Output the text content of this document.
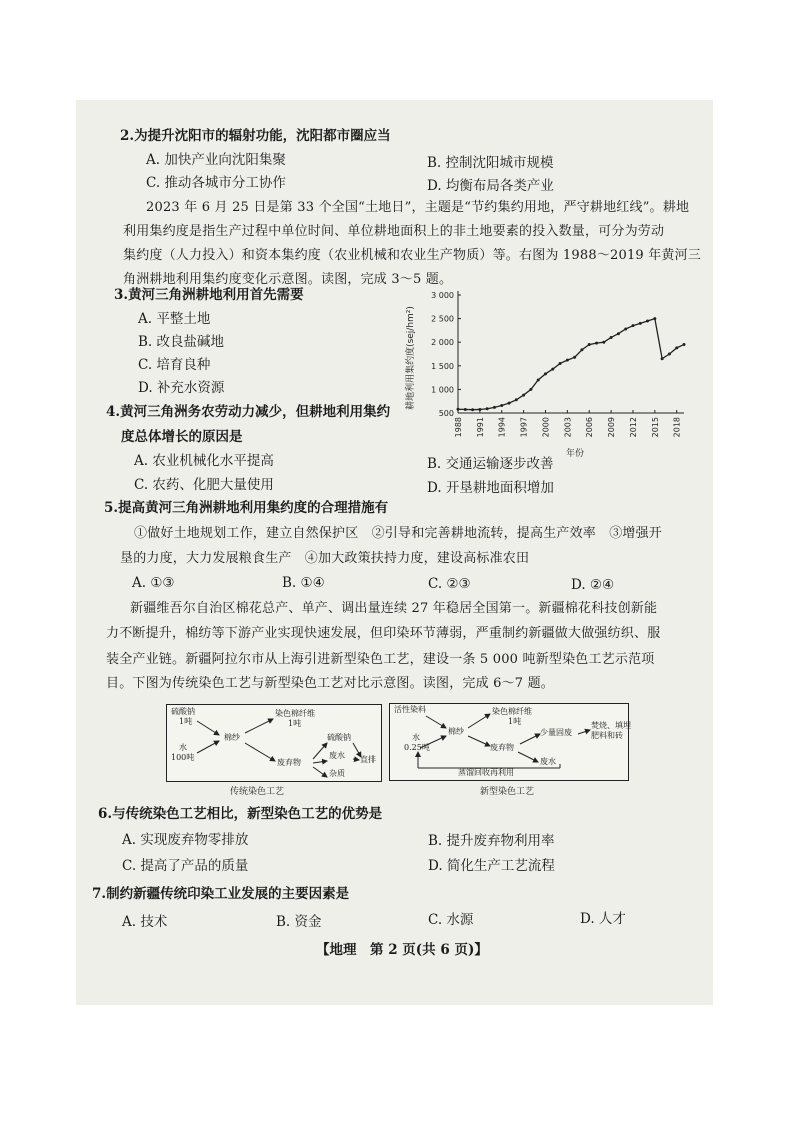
2.为提升沈阳市的辐射功能，沈阳都市圈应当
A. 加快产业向沈阳集聚	B. 控制沈阳城市规模
C. 推动各城市分工协作	D. 均衡布局各类产业
2023 年 6 月 25 日是第 33 个全国“土地日”，主题是“节约集约用地，严守耕地红线”。耕地
利用集约度是指生产过程中单位时间、单位耕地面积上的非土地要素的投入数量，可分为劳动
集约度（人力投入）和资本集约度（农业机械和农业生产物质）等。右图为 1988～2019 年黄河三
角洲耕地利用集约度变化示意图。读图，完成 3～5 题。
3.黄河三角洲耕地利用首先需要
A. 平整土地
B. 改良盐碱地
C. 培育良种
D. 补充水资源
4.黄河三角洲务农劳动力减少，但耕地利用集约
度总体增长的原因是
A. 农业机械化水平提高	B. 交通运输逐步改善
C. 农药、化肥大量使用	D. 开垦耕地面积增加
3 000
2 500
2 000
1 500
1 000
500
1988 1991 1994 1997 2000 2003 2006 2009 2012 2015 2018
耕地利用集约度(sej/hm²)
年份
5.提高黄河三角洲耕地利用集约度的合理措施有
①做好土地规划工作，建立自然保护区　②引导和完善耕地流转，提高生产效率　③增强开
垦的力度，大力发展粮食生产　④加大政策扶持力度，建设高标准农田
A. ①③	B. ①④	C. ②③	D. ②④
新疆维吾尔自治区棉花总产、单产、调出量连续 27 年稳居全国第一。新疆棉花科技创新能
力不断提升，棉纺等下游产业实现快速发展，但印染环节薄弱，严重制约新疆做大做强纺织、服
装全产业链。新疆阿拉尔市从上海引进新型染色工艺，建设一条 5 000 吨新型染色工艺示范项
目。下图为传统染色工艺与新型染色工艺对比示意图。读图，完成 6～7 题。
硫酸钠
1吨
水
100吨
棉纱
染色棉纤维
1吨
废弃物
硫酸钠
废水
杂质
直排
传统染色工艺
活性染料
水
0.25吨
棉纱
染色棉纤维
1吨
废弃物
少量固废
焚烧、填埋
肥料和砖
废水
蒸馏回收再利用
新型染色工艺
6.与传统染色工艺相比，新型染色工艺的优势是
A. 实现废弃物零排放	B. 提升废弃物利用率
C. 提高了产品的质量	D. 简化生产工艺流程
7.制约新疆传统印染工业发展的主要因素是
A. 技术	B. 资金	C. 水源	D. 人才
【地理　第 2 页(共 6 页)】
